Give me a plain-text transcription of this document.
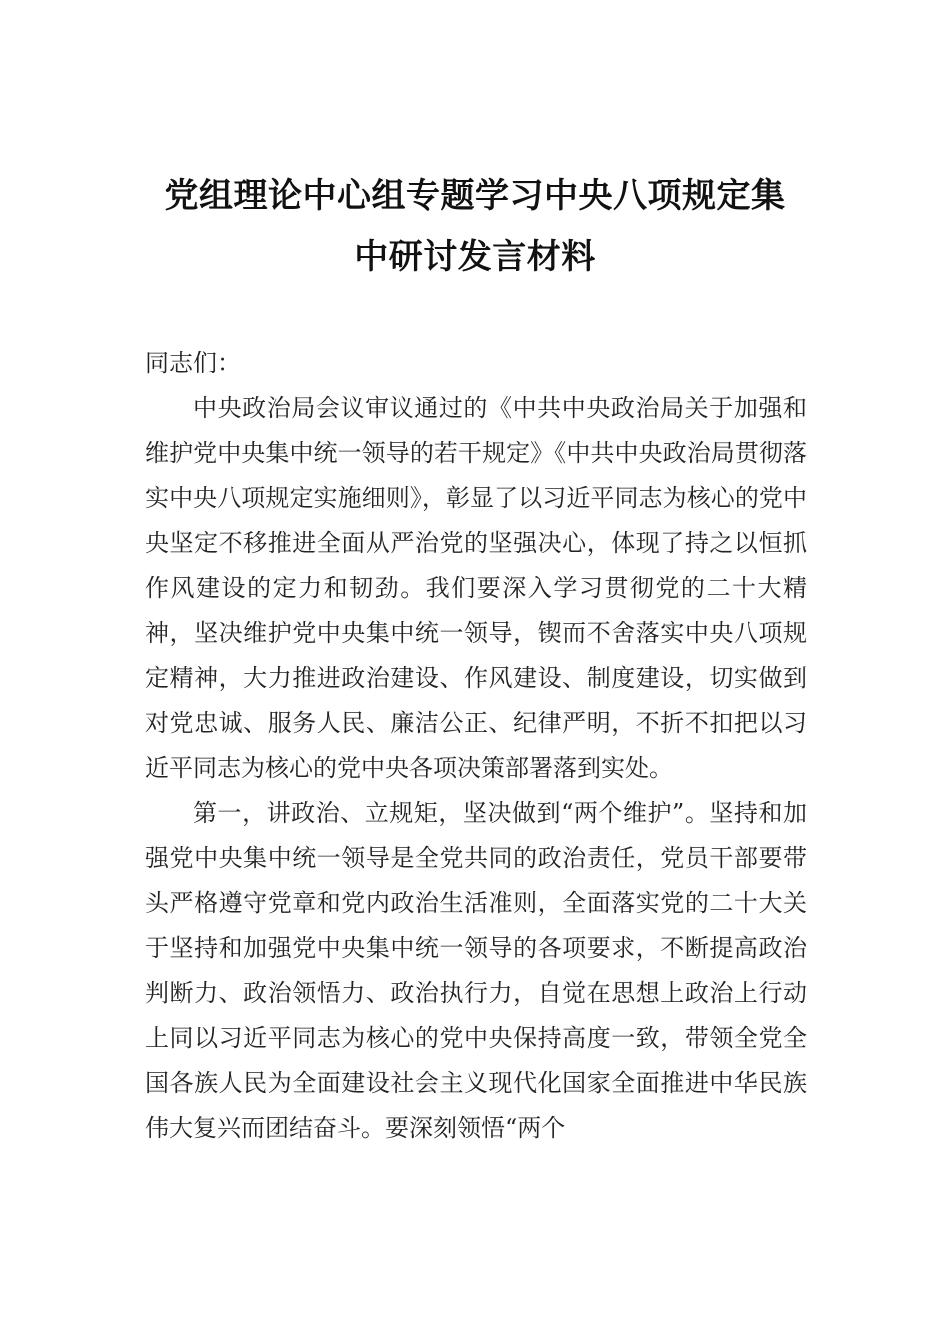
党组理论中心组专题学习中央八项规定集
中研讨发言材料

同志们：

中央政治局会议审议通过的《中共中央政治局关于加强和维护党中央集中统一领导的若干规定》《中共中央政治局贯彻落实中央八项规定实施细则》，彰显了以习近平同志为核心的党中央坚定不移推进全面从严治党的坚强决心，体现了持之以恒抓作风建设的定力和韧劲。我们要深入学习贯彻党的二十大精神，坚决维护党中央集中统一领导，锲而不舍落实中央八项规定精神，大力推进政治建设、作风建设、制度建设，切实做到对党忠诚、服务人民、廉洁公正、纪律严明，不折不扣把以习近平同志为核心的党中央各项决策部署落到实处。

第一，讲政治、立规矩，坚决做到“两个维护”。坚持和加强党中央集中统一领导是全党共同的政治责任，党员干部要带头严格遵守党章和党内政治生活准则，全面落实党的二十大关于坚持和加强党中央集中统一领导的各项要求，不断提高政治判断力、政治领悟力、政治执行力，自觉在思想上政治上行动上同以习近平同志为核心的党中央保持高度一致，带领全党全国各族人民为全面建设社会主义现代化国家全面推进中华民族伟大复兴而团结奋斗。要深刻领悟“两个
